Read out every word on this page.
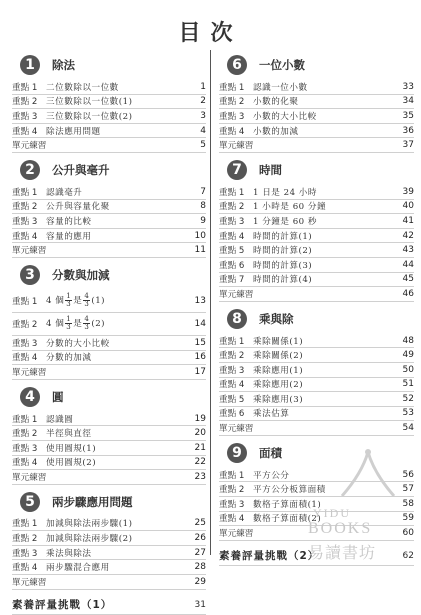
目次
1	除法
重點 1	二位數除以一位數	1
重點 2	三位數除以一位數(1)	2
重點 3	三位數除以一位數(2)	3
重點 4	除法應用問題	4
單元練習	5
2	公升與毫升
重點 1	認識毫升	7
重點 2	公升與容量化聚	8
重點 3	容量的比較	9
重點 4	容量的應用	10
單元練習	11
3	分數與加減
重點 1	4 個 $\frac{1}{3}$ 是 $\frac{4}{3} (1)$	13
重點 2	4 個 $\frac{1}{3}$ 是 $\frac{4}{3} (2)$	14
重點 3	分數的大小比較	15
重點 4	分數的加減	16
單元練習	17
4	圓
重點 1	認識圓	19
重點 2	半徑與直徑	20
重點 3	使用圓規(1)	21
重點 4	使用圓規(2)	22
單元練習	23
5	兩步驟應用問題
重點 1	加減與除法兩步驟(1)	25
重點 2	加減與除法兩步驟(2)	26
重點 3	乘法與除法	27
重點 4	兩步驟混合應用	28
單元練習	29
素養評量挑戰（1）	31
6	一位小數
重點 1	認識一位小數	33
重點 2	小數的化聚	34
重點 3	小數的大小比較	35
重點 4	小數的加減	36
單元練習	37
7	時間
重點 1	1 日是 24 小時	39
重點 2	1 小時是 60 分鐘	40
重點 3	1 分鐘是 60 秒	41
重點 4	時間的計算(1)	42
重點 5	時間的計算(2)	43
重點 6	時間的計算(3)	44
重點 7	時間的計算(4)	45
單元練習	46
8	乘與除
重點 1	乘除關係(1)	48
重點 2	乘除關係(2)	49
重點 3	乘除應用(1)	50
重點 4	乘除應用(2)	51
重點 5	乘除應用(3)	52
重點 6	乘法估算	53
單元練習	54
9	面積
重點 1	平方公分	56
重點 2	平方公分板算面積	57
重點 3	數格子算面積(1)	58
重點 4	數格子算面積(2)	59
單元練習	60
素養評量挑戰（2）	62
YIDU
BOOKS
易讀書坊
